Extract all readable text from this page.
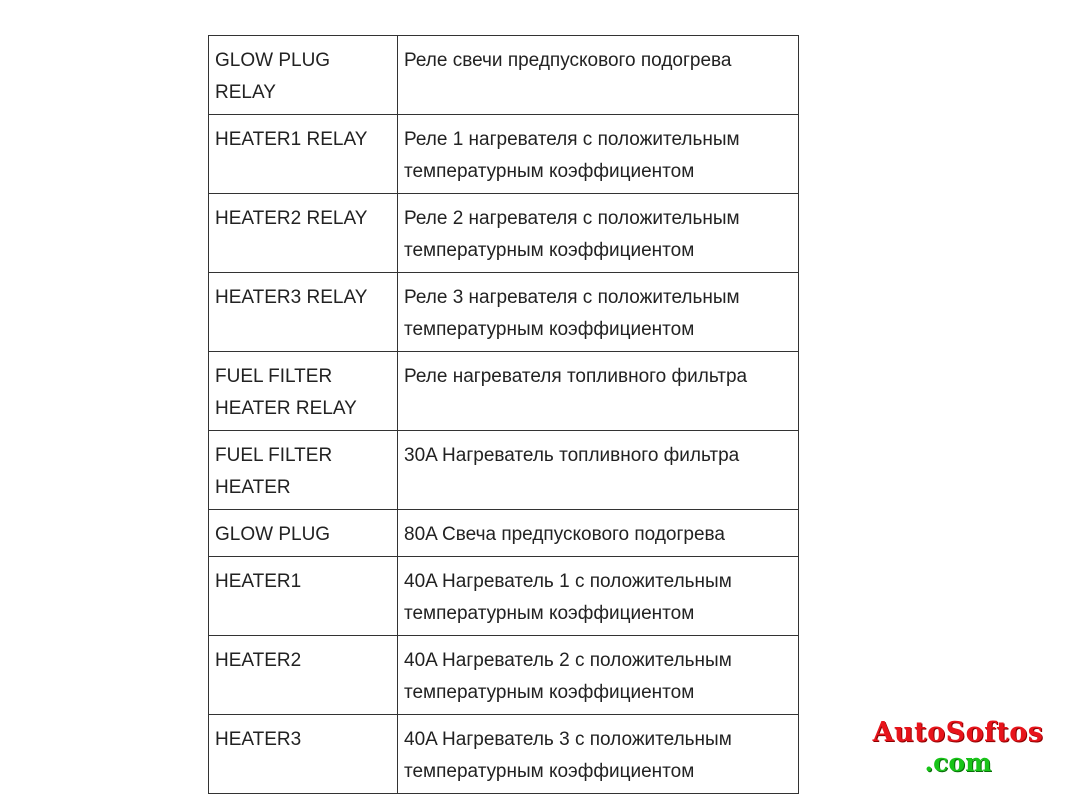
GLOW PLUG RELAY	Реле свечи предпускового подогрева
HEATER1 RELAY	Реле 1 нагревателя с положительным температурным коэффициентом
HEATER2 RELAY	Реле 2 нагревателя с положительным температурным коэффициентом
HEATER3 RELAY	Реле 3 нагревателя с положительным температурным коэффициентом
FUEL FILTER HEATER RELAY	Реле нагревателя топливного фильтра
FUEL FILTER HEATER	30A Нагреватель топливного фильтра
GLOW PLUG	80A Свеча предпускового подогрева
HEATER1	40A Нагреватель 1 с положительным температурным коэффициентом
HEATER2	40A Нагреватель 2 с положительным температурным коэффициентом
HEATER3	40A Нагреватель 3 с положительным температурным коэффициентом
AutoSoftos
.com
